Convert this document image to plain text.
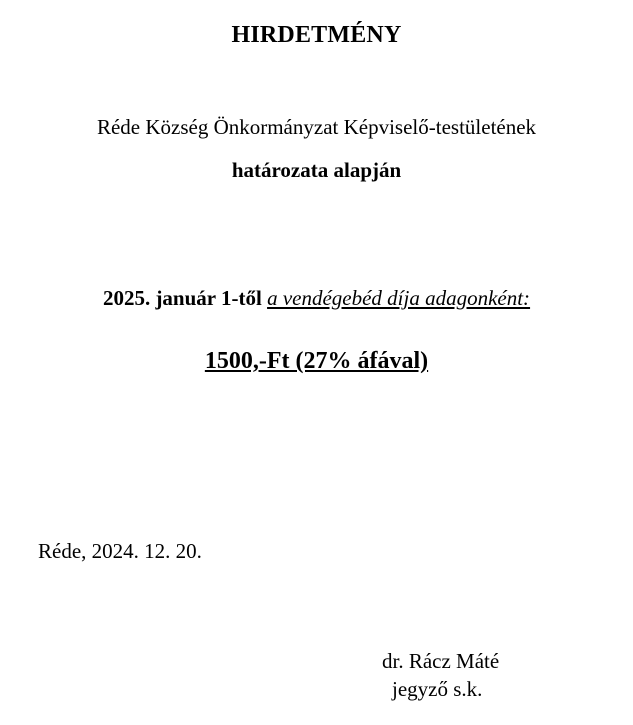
HIRDETMÉNY
Réde Község Önkormányzat Képviselő-testületének
határozata alapján
2025. január 1-től a vendégebéd díja adagonként:
1500,-Ft (27% áfával)
Réde, 2024. 12. 20.
dr. Rácz Máté
jegyző s.k.
